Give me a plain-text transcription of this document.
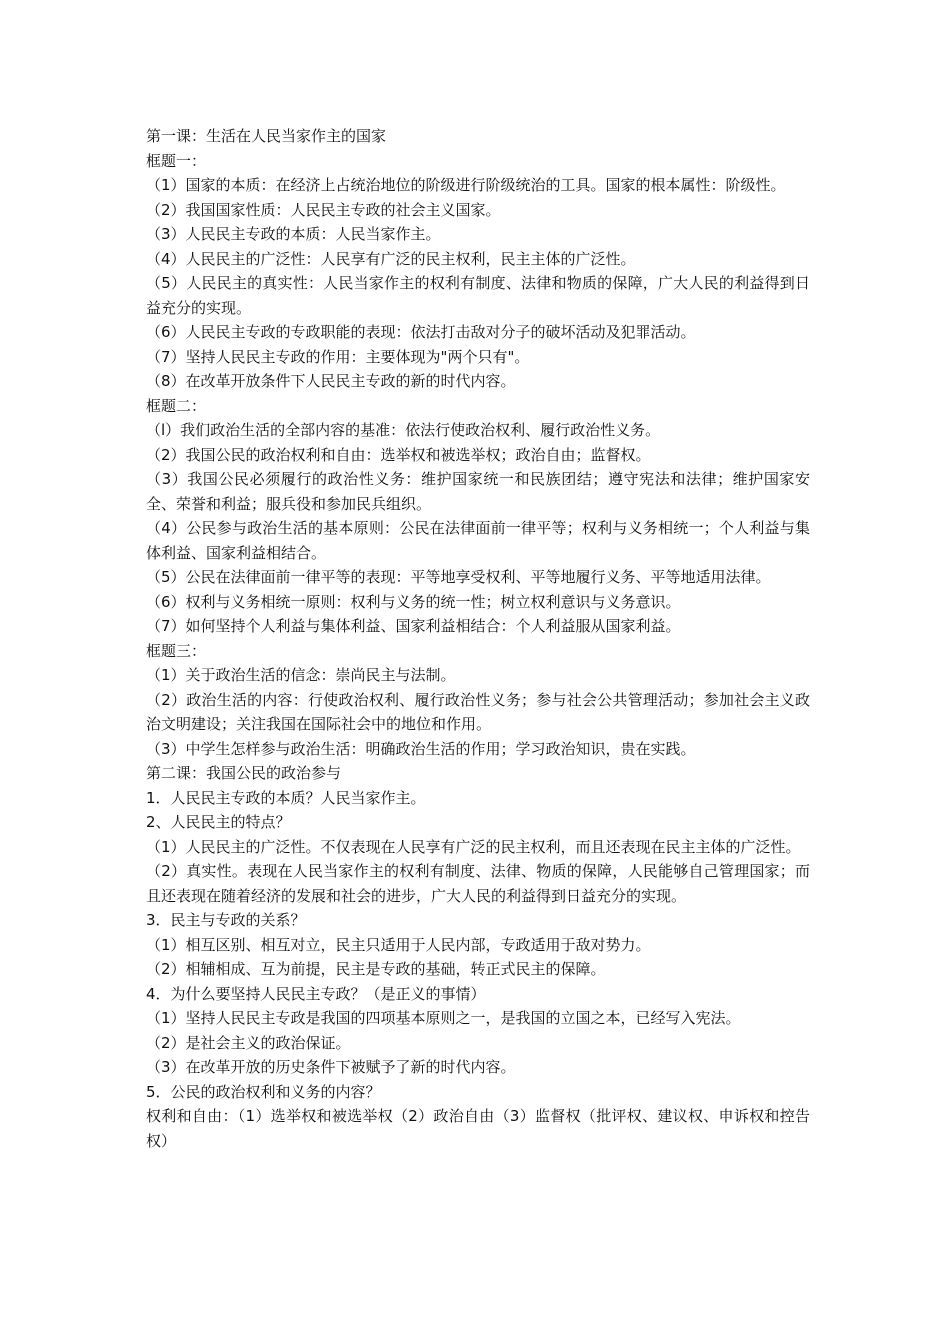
第一课：生活在人民当家作主的国家
框题一：
（1）国家的本质：在经济上占统治地位的阶级进行阶级统治的工具。国家的根本属性：阶级性。
（2）我国国家性质：人民民主专政的社会主义国家。
（3）人民民主专政的本质：人民当家作主。
（4）人民民主的广泛性：人民享有广泛的民主权利，民主主体的广泛性。
（5）人民民主的真实性：人民当家作主的权利有制度、法律和物质的保障，广大人民的利益得到日益充分的实现。
（6）人民民主专政的专政职能的表现：依法打击敌对分子的破坏活动及犯罪活动。
（7）坚持人民民主专政的作用：主要体现为"两个只有"。
（8）在改革开放条件下人民民主专政的新的时代内容。
框题二：
（l）我们政治生活的全部内容的基准：依法行使政治权利、履行政治性义务。
（2）我国公民的政治权利和自由：选举权和被选举权；政治自由；监督权。
（3）我国公民必须履行的政治性义务：维护国家统一和民族团结；遵守宪法和法律；维护国家安全、荣誉和利益；服兵役和参加民兵组织。
（4）公民参与政治生活的基本原则：公民在法律面前一律平等；权利与义务相统一；个人利益与集体利益、国家利益相结合。
（5）公民在法律面前一律平等的表现：平等地享受权利、平等地履行义务、平等地适用法律。
（6）权利与义务相统一原则：权利与义务的统一性；树立权利意识与义务意识。
（7）如何坚持个人利益与集体利益、国家利益相结合：个人利益服从国家利益。
框题三：
（1）关于政治生活的信念：崇尚民主与法制。
（2）政治生活的内容：行使政治权利、履行政治性义务；参与社会公共管理活动；参加社会主义政治文明建设；关注我国在国际社会中的地位和作用。
（3）中学生怎样参与政治生活：明确政治生活的作用；学习政治知识，贵在实践。
第二课：我国公民的政治参与
1．人民民主专政的本质？人民当家作主。
2、人民民主的特点？
（1）人民民主的广泛性。不仅表现在人民享有广泛的民主权利，而且还表现在民主主体的广泛性。
（2）真实性。表现在人民当家作主的权利有制度、法律、物质的保障，人民能够自己管理国家；而且还表现在随着经济的发展和社会的进步，广大人民的利益得到日益充分的实现。
3．民主与专政的关系？
（1）相互区别、相互对立，民主只适用于人民内部，专政适用于敌对势力。
（2）相辅相成、互为前提，民主是专政的基础，转正式民主的保障。
4．为什么要坚持人民民主专政？（是正义的事情）
（1）坚持人民民主专政是我国的四项基本原则之一，是我国的立国之本，已经写入宪法。
（2）是社会主义的政治保证。
（3）在改革开放的历史条件下被赋予了新的时代内容。
5．公民的政治权利和义务的内容？
权利和自由：（1）选举权和被选举权（2）政治自由（3）监督权（批评权、建议权、申诉权和控告权）
